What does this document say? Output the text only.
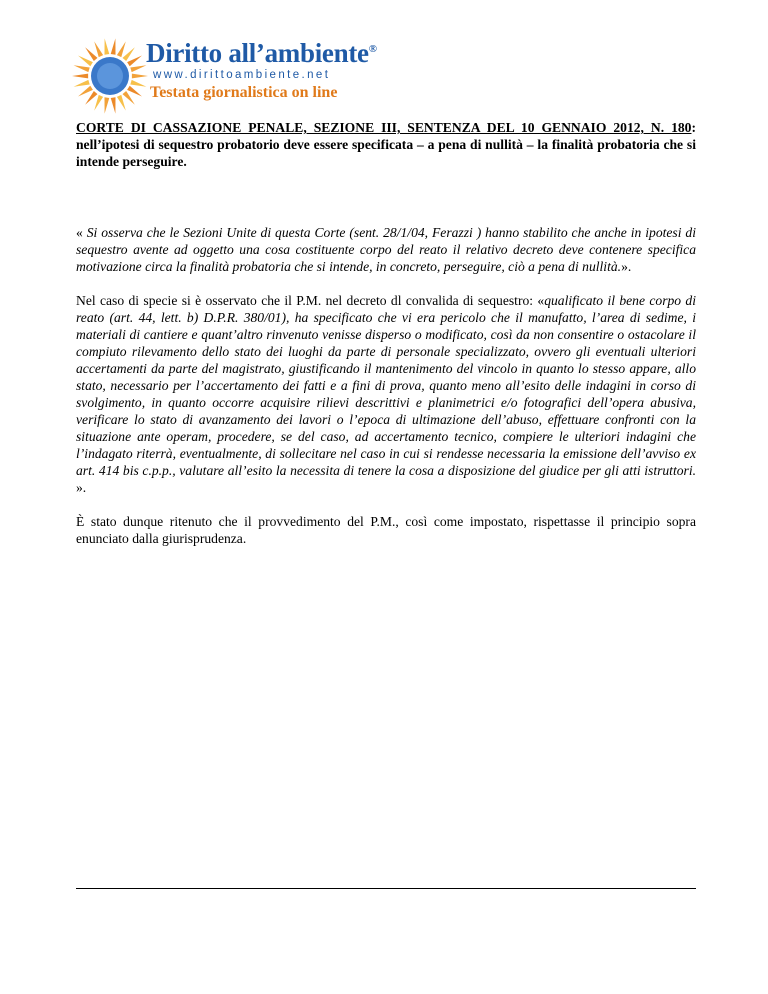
Diritto all’ambiente®
www.dirittoambiente.net
Testata giornalistica on line

CORTE DI CASSAZIONE PENALE, SEZIONE III, SENTENZA DEL 10 GENNAIO 2012, N. 180: nell’ipotesi di sequestro probatorio deve essere specificata – a pena di nullità – la finalità probatoria che si intende perseguire.

« Si osserva che le Sezioni Unite di questa Corte (sent. 28/1/04, Ferazzi ) hanno stabilito che anche in ipotesi di sequestro avente ad oggetto una cosa costituente corpo del reato il relativo decreto deve contenere specifica motivazione circa la finalità probatoria che si intende, in concreto, perseguire, ciò a pena di nullità.».

Nel caso di specie si è osservato che il P.M. nel decreto dl convalida di sequestro: «qualificato il bene corpo di reato (art. 44, lett. b) D.P.R. 380/01), ha specificato che vi era pericolo che il manufatto, l’area di sedime, i materiali di cantiere e quant’altro rinvenuto venisse disperso o modificato, così da non consentire o ostacolare il compiuto rilevamento dello stato dei luoghi da parte di personale specializzato, ovvero gli eventuali ulteriori accertamenti da parte del magistrato, giustificando il mantenimento del vincolo in quanto lo stesso appare, allo stato, necessario per l’accertamento dei fatti e a fini di prova, quanto meno all’esito delle indagini in corso di svolgimento, in quanto occorre acquisire rilievi descrittivi e planimetrici e/o fotografici dell’opera abusiva, verificare lo stato di avanzamento dei lavori o l’epoca di ultimazione dell’abuso, effettuare confronti con la situazione ante operam, procedere, se del caso, ad accertamento tecnico, compiere le ulteriori indagini che l’indagato riterrà, eventualmente, di sollecitare nel caso in cui si rendesse necessaria la emissione dell’avviso ex art. 414 bis c.p.p., valutare all’esito la necessita di tenere la cosa a disposizione del giudice per gli atti istruttori. ».

È stato dunque ritenuto che il provvedimento del P.M., così come impostato, rispettasse il principio sopra enunciato dalla giurisprudenza.
